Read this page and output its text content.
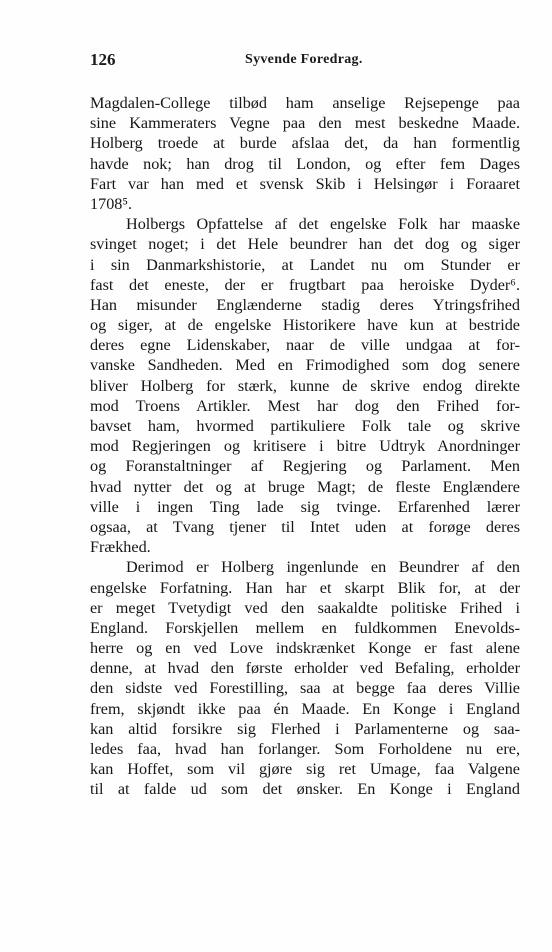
126	Syvende Foredrag.
Magdalen-College tilbød ham anselige Rejsepenge paa
sine Kammeraters Vegne paa den mest beskedne Maade.
Holberg troede at burde afslaa det, da han formentlig
havde nok; han drog til London, og efter fem Dages
Fart var han med et svensk Skib i Helsingør i Foraaret
1708⁵.
Holbergs Opfattelse af det engelske Folk har maaske
svinget noget; i det Hele beundrer han det dog og siger
i sin Danmarkshistorie, at Landet nu om Stunder er
fast det eneste, der er frugtbart paa heroiske Dyder⁶.
Han misunder Englænderne stadig deres Ytringsfrihed
og siger, at de engelske Historikere have kun at bestride
deres egne Lidenskaber, naar de ville undgaa at for-
vanske Sandheden. Med en Frimodighed som dog senere
bliver Holberg for stærk, kunne de skrive endog direkte
mod Troens Artikler. Mest har dog den Frihed for-
bavset ham, hvormed partikuliere Folk tale og skrive
mod Regjeringen og kritisere i bitre Udtryk Anordninger
og Foranstaltninger af Regjering og Parlament. Men
hvad nytter det og at bruge Magt; de fleste Englændere
ville i ingen Ting lade sig tvinge. Erfarenhed lærer
ogsaa, at Tvang tjener til Intet uden at forøge deres
Frækhed.
Derimod er Holberg ingenlunde en Beundrer af den
engelske Forfatning. Han har et skarpt Blik for, at der
er meget Tvetydigt ved den saakaldte politiske Frihed i
England. Forskjellen mellem en fuldkommen Enevolds-
herre og en ved Love indskrænket Konge er fast alene
denne, at hvad den første erholder ved Befaling, erholder
den sidste ved Forestilling, saa at begge faa deres Villie
frem, skjøndt ikke paa én Maade. En Konge i England
kan altid forsikre sig Flerhed i Parlamenterne og saa-
ledes faa, hvad han forlanger. Som Forholdene nu ere,
kan Hoffet, som vil gjøre sig ret Umage, faa Valgene
til at falde ud som det ønsker. En Konge i England
